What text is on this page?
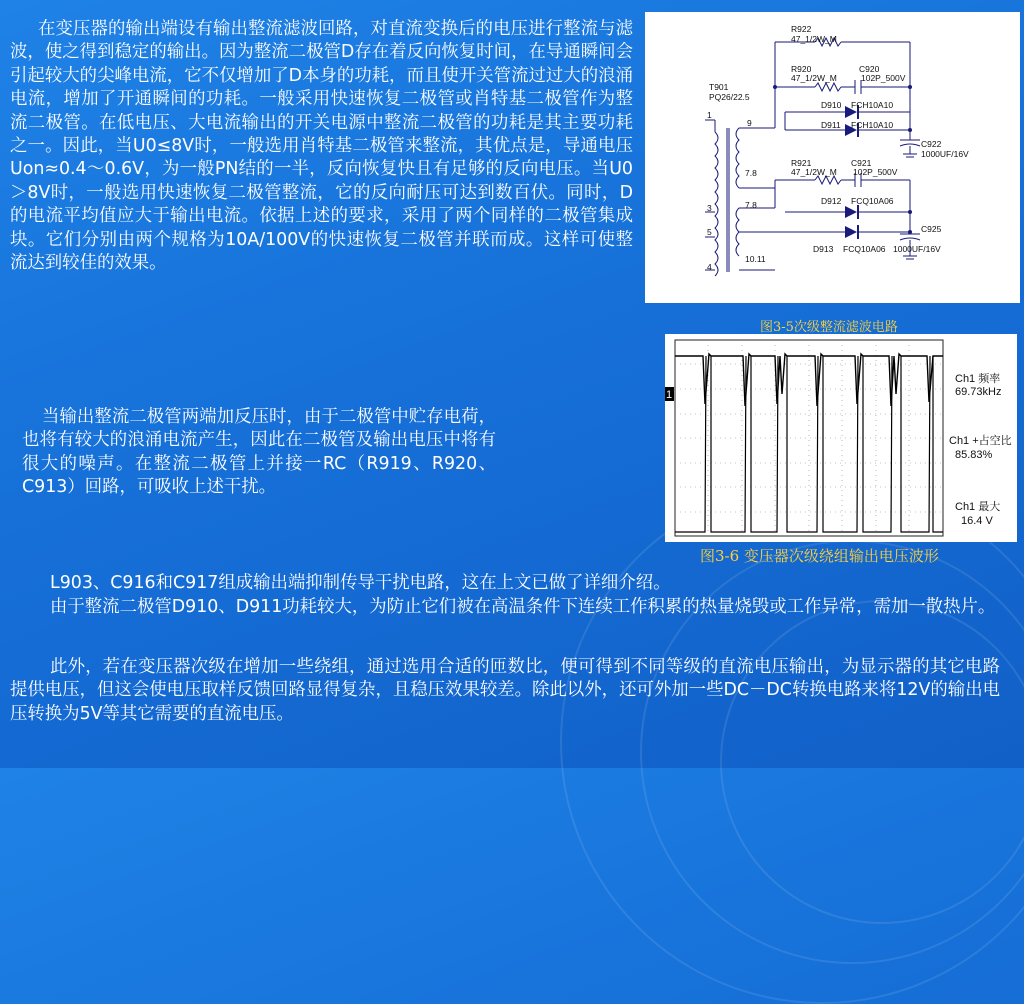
在变压器的输出端设有输出整流滤波回路，对直流变换后的电压进行整流与滤波，使之得到稳定的输出。因为整流二极管D存在着反向恢复时间，在导通瞬间会引起较大的尖峰电流，它不仅增加了D本身的功耗，而且使开关管流过过大的浪涌电流，增加了开通瞬间的功耗。一般采用快速恢复二极管或肖特基二极管作为整流二极管。在低电压、大电流输出的开关电源中整流二极管的功耗是其主要功耗之一。因此，当U0≤8V时，一般选用肖特基二极管来整流，其优点是，导通电压Uon≈0.4～0.6V，为一般PN结的一半，反向恢复快且有足够的反向电压。当U0＞8V时，一般选用快速恢复二极管整流，它的反向耐压可达到数百伏。同时，D的电流平均值应大于输出电流。依据上述的要求，采用了两个同样的二极管集成块。它们分别由两个规格为10A/100V的快速恢复二极管并联而成。这样可使整流达到较佳的效果。

R922
47_1/2W_M
R920
47_1/2W_M
C920
102P_500V
T901
PQ26/22.5
D910 FCH10A10
D911 FCH10A10
C922
1000UF/16V
R921
47_1/2W_M
C921
102P_500V
D912 FCQ10A06
C925
D913 FCQ10A06 1000UF/16V
1
3
5
4
9
7.8
7.8
10.11
图3-5次级整流滤波电路
1
Ch1 频率
69.73kHz
Ch1 +占空比
85.83%
Ch1 最大
16.4 V
图3-6 变压器次级绕组输出电压波形

当输出整流二极管两端加反压时，由于二极管中贮存电荷，也将有较大的浪涌电流产生，因此在二极管及输出电压中将有很大的噪声。在整流二极管上并接一RC（R919、R920、C913）回路，可吸收上述干扰。

L903、C916和C917组成输出端抑制传导干扰电路，这在上文已做了详细介绍。

由于整流二极管D910、D911功耗较大，为防止它们被在高温条件下连续工作积累的热量烧毁或工作异常，需加一散热片。

此外，若在变压器次级在增加一些绕组，通过选用合适的匝数比，便可得到不同等级的直流电压输出，为显示器的其它电路提供电压，但这会使电压取样反馈回路显得复杂，且稳压效果较差。除此以外，还可外加一些DC－DC转换电路来将12V的输出电压转换为5V等其它需要的直流电压。
